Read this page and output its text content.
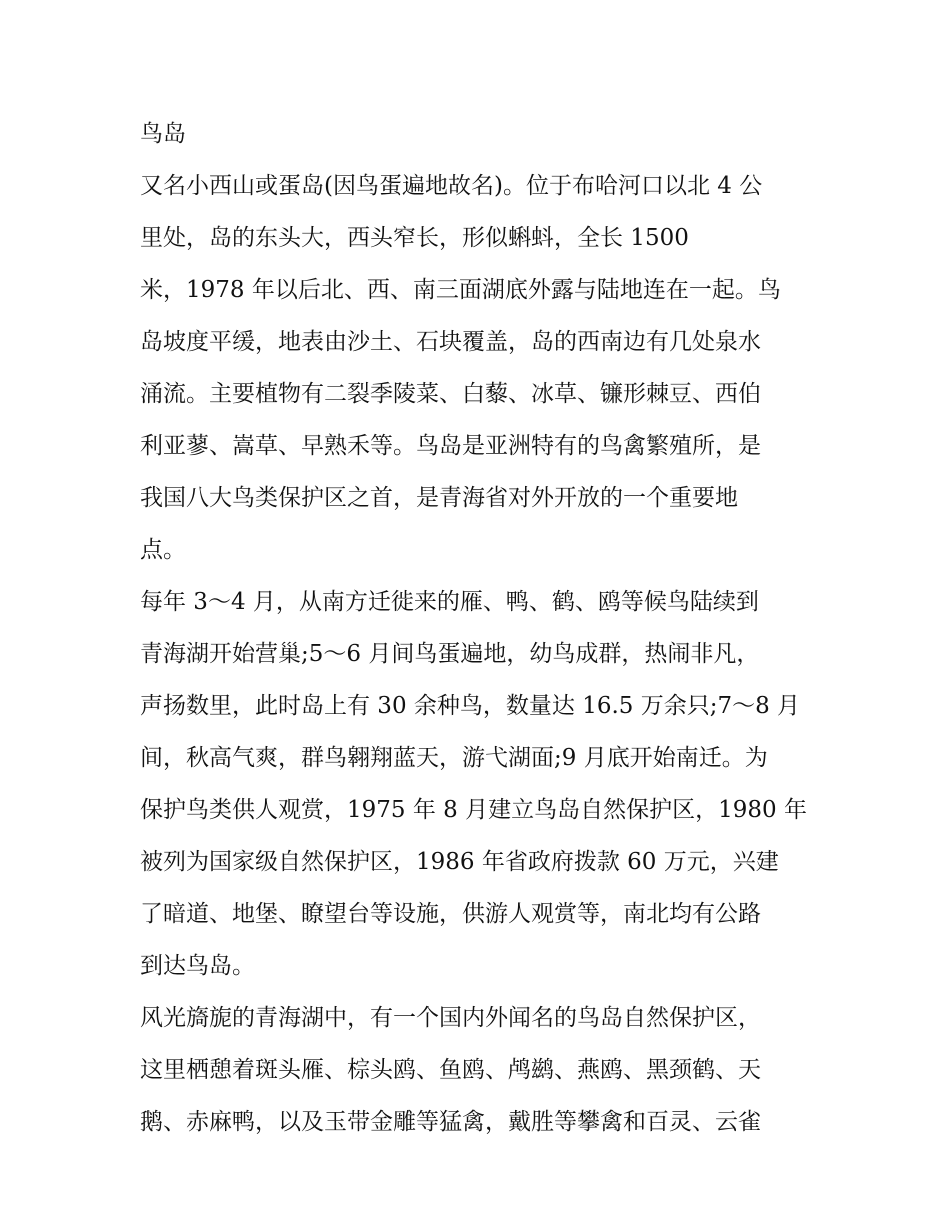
鸟岛

又名小西山或蛋岛(因鸟蛋遍地故名)。位于布哈河口以北 4 公
里处，岛的东头大，西头窄长，形似蝌蚪，全长 1500
米，1978 年以后北、西、南三面湖底外露与陆地连在一起。鸟
岛坡度平缓，地表由沙土、石块覆盖，岛的西南边有几处泉水
涌流。主要植物有二裂季陵菜、白藜、冰草、镰形棘豆、西伯
利亚蓼、嵩草、早熟禾等。鸟岛是亚洲特有的鸟禽繁殖所，是
我国八大鸟类保护区之首，是青海省对外开放的一个重要地
点。

每年 3～4 月，从南方迁徙来的雁、鸭、鹤、鸥等候鸟陆续到
青海湖开始营巢;5～6 月间鸟蛋遍地，幼鸟成群，热闹非凡，
声扬数里，此时岛上有 30 余种鸟，数量达 16.5 万余只;7～8 月
间，秋高气爽，群鸟翱翔蓝天，游弋湖面;9 月底开始南迁。为
保护鸟类供人观赏，1975 年 8 月建立鸟岛自然保护区，1980 年
被列为国家级自然保护区，1986 年省政府拨款 60 万元，兴建
了暗道、地堡、瞭望台等设施，供游人观赏等，南北均有公路
到达鸟岛。

风光旖旎的青海湖中，有一个国内外闻名的鸟岛自然保护区，
这里栖憩着斑头雁、棕头鸥、鱼鸥、鸬鹚、燕鸥、黑颈鹤、天
鹅、赤麻鸭，以及玉带金雕等猛禽，戴胜等攀禽和百灵、云雀
